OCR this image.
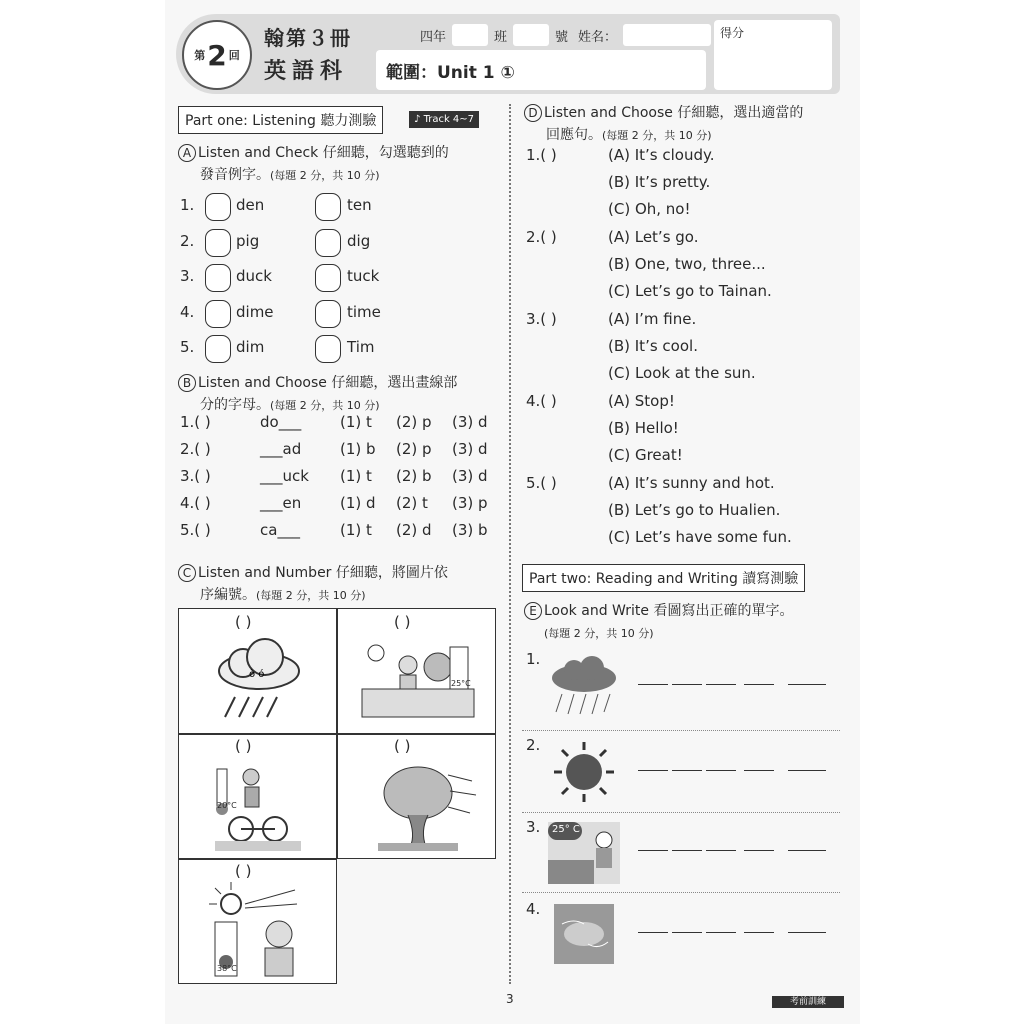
第 2 回
翰第３冊
英語科
四年	班	號 姓名：
範圍：Unit 1 ①
得分
Part one: Listening 聽力測驗	♪ Track 4~7
A Listen and Check 仔細聽，勾選聽到的
發音例字。(每題 2 分，共 10 分)
1.	den	ten
2.	pig	dig
3.	duck	tuck
4.	dime	time
5.	dim	Tim
B Listen and Choose 仔細聽，選出畫線部
分的字母。(每題 2 分，共 10 分)
1.( )	do___	(1) t (2) p (3) d
2.( )	___ad	(1) b (2) p (3) d
3.( )	___uck (1) t (2) b (3) d
4.( )	___en	(1) d (2) t (3) p
5.( )	ca___	(1) t (2) d (3) b
C Listen and Number 仔細聽，將圖片依
序編號。(每題 2 分，共 10 分)
( )
ò ó
( )
25°C
( )
20°C
( )
( )
38°C
D Listen and Choose 仔細聽，選出適當的
回應句。(每題 2 分，共 10 分)
1.( )	(A) It’s cloudy.
(B) It’s pretty.
(C) Oh, no!
2.( )	(A) Let’s go.
(B) One, two, three...
(C) Let’s go to Tainan.
3.( )	(A) I’m fine.
(B) It’s cool.
(C) Look at the sun.
4.( )	(A) Stop!
(B) Hello!
(C) Great!
5.( )	(A) It’s sunny and hot.
(B) Let’s go to Hualien.
(C) Let’s have some fun.
Part two: Reading and Writing 讀寫測驗
E Look and Write 看圖寫出正確的單字。
(每題 2 分，共 10 分)
1.
2.
3. 25° C
4.
3	考前訓練
